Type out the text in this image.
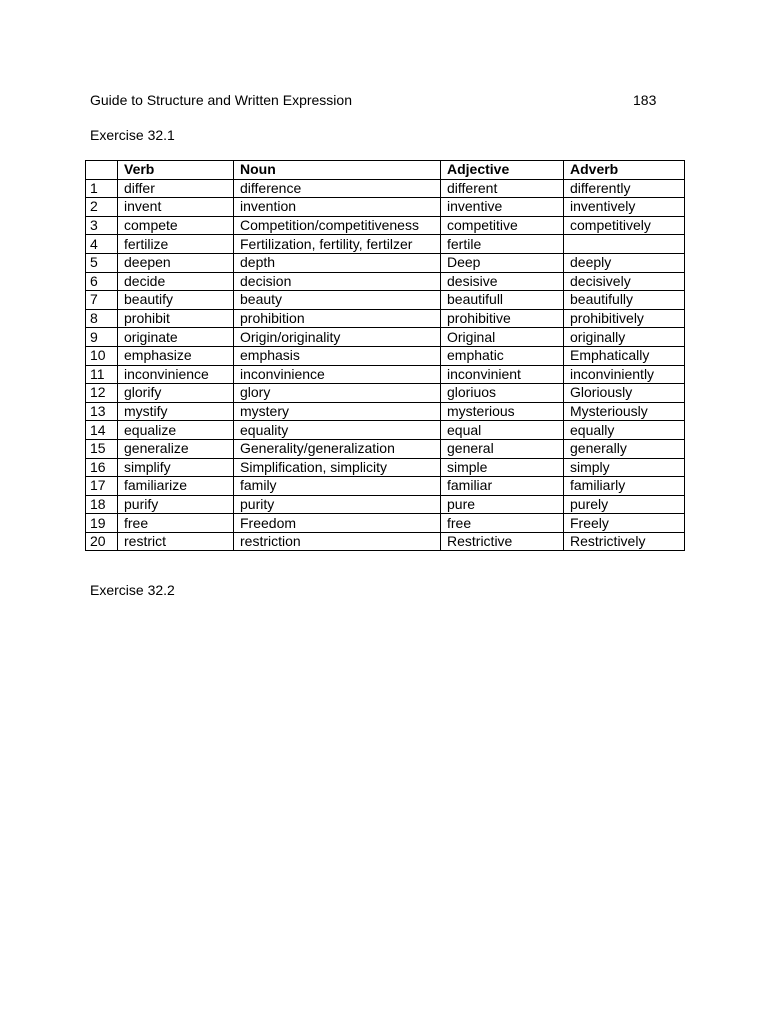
Guide to Structure and Written Expression	183
Exercise 32.1
	Verb	Noun	Adjective	Adverb
1	differ	difference	different	differently
2	invent	invention	inventive	inventively
3	compete	Competition/competitiveness	competitive	competitively
4	fertilize	Fertilization, fertility, fertilzer	fertile	
5	deepen	depth	Deep	deeply
6	decide	decision	desisive	decisively
7	beautify	beauty	beautifull	beautifully
8	prohibit	prohibition	prohibitive	prohibitively
9	originate	Origin/originality	Original	originally
10	emphasize	emphasis	emphatic	Emphatically
11	inconvinience	inconvinience	inconvinient	inconviniently
12	glorify	glory	gloriuos	Gloriously
13	mystify	mystery	mysterious	Mysteriously
14	equalize	equality	equal	equally
15	generalize	Generality/generalization	general	generally
16	simplify	Simplification, simplicity	simple	simply
17	familiarize	family	familiar	familiarly
18	purify	purity	pure	purely
19	free	Freedom	free	Freely
20	restrict	restriction	Restrictive	Restrictively
Exercise 32.2
